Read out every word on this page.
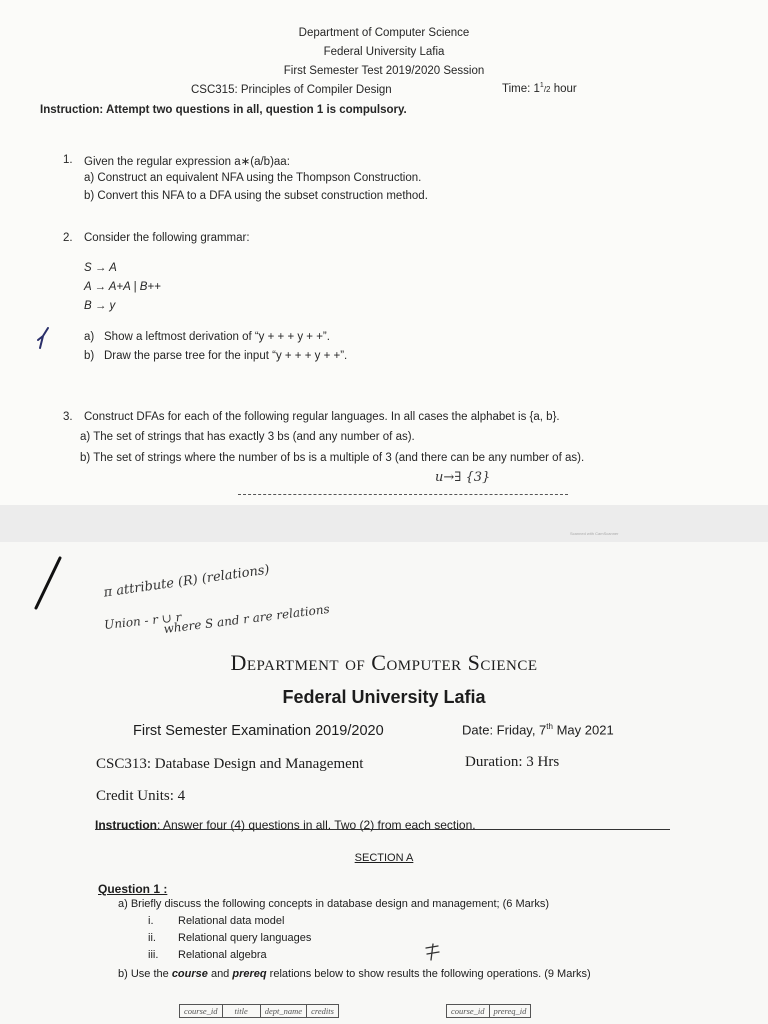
Department of Computer Science
Federal University Lafia
First Semester Test 2019/2020 Session
CSC315: Principles of Compiler Design	Time: $1^1/2$ hour
Instruction: Attempt two questions in all, question 1 is compulsory.
1. Given the regular expression a∗(a/b)aa:
a) Construct an equivalent NFA using the Thompson Construction.
b) Convert this NFA to a DFA using the subset construction method.
2. Consider the following grammar:
S → A
A → A+A | B++
B → y
a) Show a leftmost derivation of “y + + + y + +”.
b) Draw the parse tree for the input “y + + + y + +”.
3. Construct DFAs for each of the following regular languages. In all cases the alphabet is {a, b}.
a) The set of strings that has exactly 3 bs (and any number of as).
b) The set of strings where the number of bs is a multiple of 3 (and there can be any number of as).
u→∃ {3}
Scanned with CamScanner
π attribute (R) (relations)
Union - r ∪ r
where S and r are relations
Department of Computer Science
Federal University Lafia
First Semester Examination 2019/2020	Date: Friday, 7th May 2021
CSC313: Database Design and Management	Duration: 3 Hrs
Credit Units: 4
Instruction: Answer four (4) questions in all. Two (2) from each section.
SECTION A
Question 1 :
a) Briefly discuss the following concepts in database design and management; (6 Marks)
i. Relational data model
ii. Relational query languages
iii. Relational algebra
b) Use the course and prereq relations below to show results the following operations. (9 Marks)
course_id	title	dept_name	credits	course_id	prereq_id
